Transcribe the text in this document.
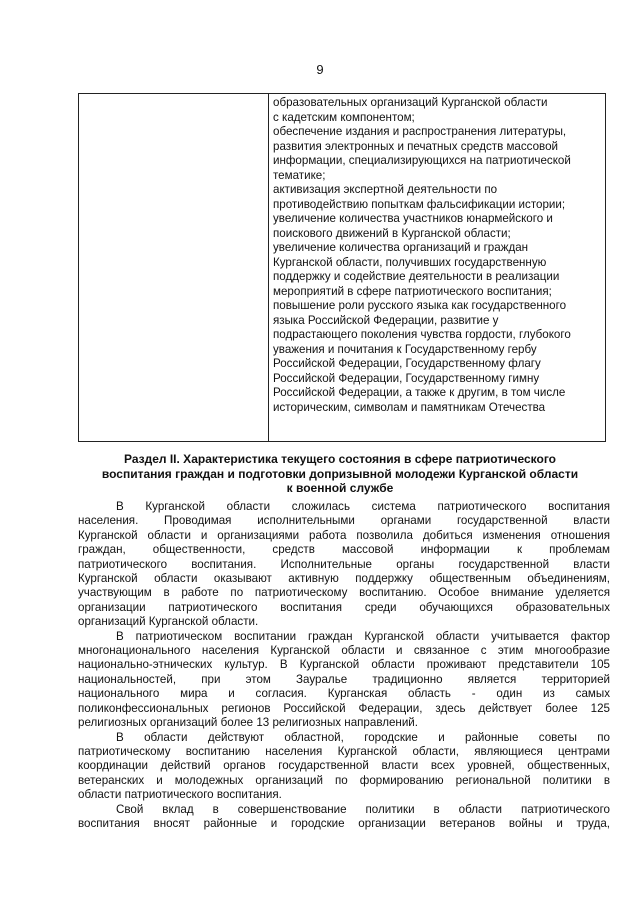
9
образовательных организаций Курганской области
с кадетским компонентом;
обеспечение издания и распространения литературы,
развития электронных и печатных средств массовой
информации, специализирующихся на патриотической
тематике;
активизация экспертной деятельности по
противодействию попыткам фальсификации истории;
увеличение количества участников юнармейского и
поискового движений в Курганской области;
увеличение количества организаций и граждан
Курганской области, получивших государственную
поддержку и содействие деятельности в реализации
мероприятий в сфере патриотического воспитания;
повышение роли русского языка как государственного
языка Российской Федерации, развитие у
подрастающего поколения чувства гордости, глубокого
уважения и почитания к Государственному гербу
Российской Федерации, Государственному флагу
Российской Федерации, Государственному гимну
Российской Федерации, а также к другим, в том числе
историческим, символам и памятникам Отечества
Раздел II. Характеристика текущего состояния в сфере патриотического
воспитания граждан и подготовки допризывной молодежи Курганской области
к военной службе
В Курганской области сложилась система патриотического воспитания
населения. Проводимая исполнительными органами государственной власти
Курганской области и организациями работа позволила добиться изменения отношения
граждан, общественности, средств массовой информации к проблемам
патриотического воспитания. Исполнительные органы государственной власти
Курганской области оказывают активную поддержку общественным объединениям,
участвующим в работе по патриотическому воспитанию. Особое внимание уделяется
организации патриотического воспитания среди обучающихся образовательных
организаций Курганской области.
В патриотическом воспитании граждан Курганской области учитывается фактор
многонационального населения Курганской области и связанное с этим многообразие
национально-этнических культур. В Курганской области проживают представители 105
национальностей, при этом Зауралье традиционно является территорией
национального мира и согласия. Курганская область - один из самых
поликонфессиональных регионов Российской Федерации, здесь действует более 125
религиозных организаций более 13 религиозных направлений.
В области действуют областной, городские и районные советы по
патриотическому воспитанию населения Курганской области, являющиеся центрами
координации действий органов государственной власти всех уровней, общественных,
ветеранских и молодежных организаций по формированию региональной политики в
области патриотического воспитания.
Свой вклад в совершенствование политики в области патриотического
воспитания вносят районные и городские организации ветеранов войны и труда,
